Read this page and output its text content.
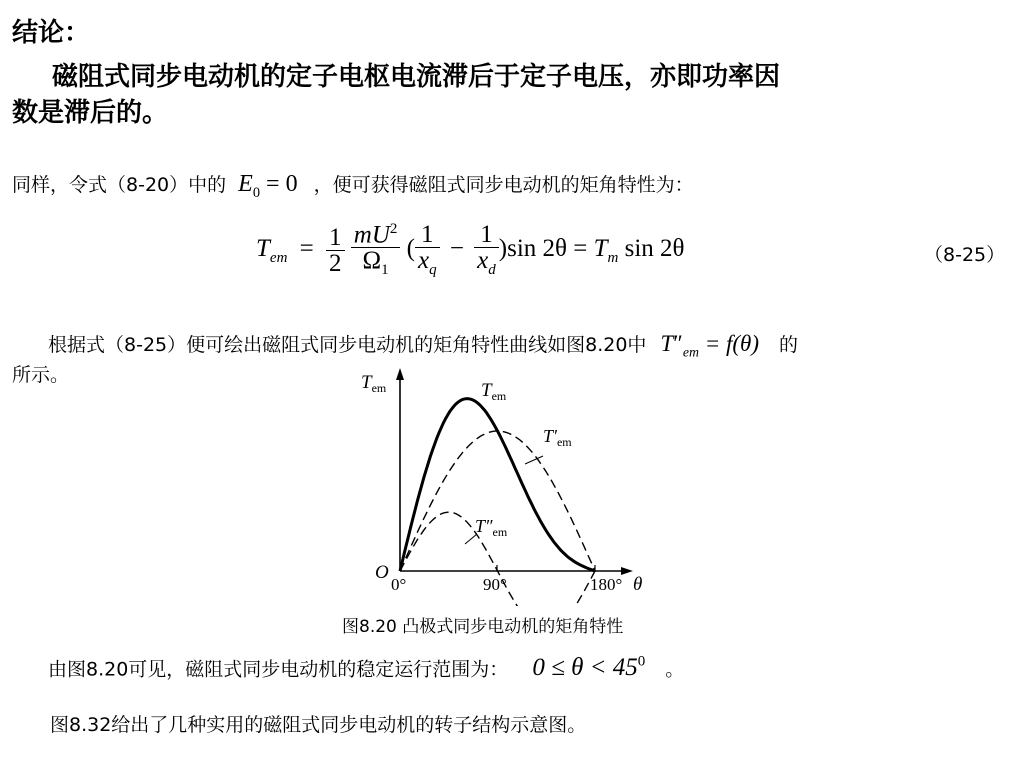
结论：
磁阻式同步电动机的定子电枢电流滞后于定子电压，亦即功率因
数是滞后的。
同样，令式（8-20）中的 $E_0 = 0$ ，便可获得磁阻式同步电动机的矩角特性为：
$T_{em} = \frac{1}{2}$
$\frac{mU^2}{\Omega_1}$ ( $\frac{1}{x_q} - \frac{1}{x_d} )\sin$ $2\theta = T_m$ sin 2θ	（8-25）
根据式（8-25）便可绘出磁阻式同步电动机的矩角特性曲线如图8.20中 $T''_{em} = f(\theta)$ 的
所示。	$T_{em}$	$T_{em}$
$T'_{em}$
$T''_{em}$
O
0°	90°	180° θ
图8.20 凸极式同步电动机的矩角特性
由图8.20可见，磁阻式同步电动机的稳定运行范围为： $0 \le \theta < 45^0$ 。
图8.32给出了几种实用的磁阻式同步电动机的转子结构示意图。
